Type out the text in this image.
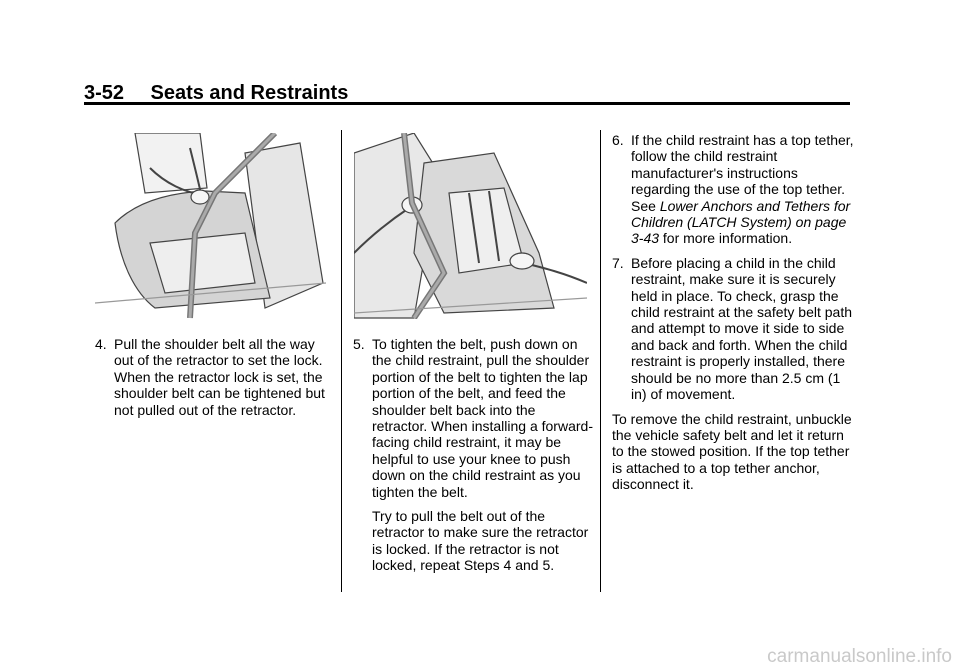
3-52 Seats and Restraints
4. Pull the shoulder belt all the way out of the retractor to set the lock. When the retractor lock is set, the shoulder belt can be tightened but not pulled out of the retractor.
5. To tighten the belt, push down on the child restraint, pull the shoulder portion of the belt to tighten the lap portion of the belt, and feed the shoulder belt back into the retractor. When installing a forward-facing child restraint, it may be helpful to use your knee to push down on the child restraint as you tighten the belt.
Try to pull the belt out of the retractor to make sure the retractor is locked. If the retractor is not locked, repeat Steps 4 and 5.
6. If the child restraint has a top tether, follow the child restraint manufacturer's instructions regarding the use of the top tether. See Lower Anchors and Tethers for Children (LATCH System) on page 3-43 for more information.
7. Before placing a child in the child restraint, make sure it is securely held in place. To check, grasp the child restraint at the safety belt path and attempt to move it side to side and back and forth. When the child restraint is properly installed, there should be no more than 2.5 cm (1 in) of movement.
To remove the child restraint, unbuckle the vehicle safety belt and let it return to the stowed position. If the top tether is attached to a top tether anchor, disconnect it.
carmanualsonline.info
